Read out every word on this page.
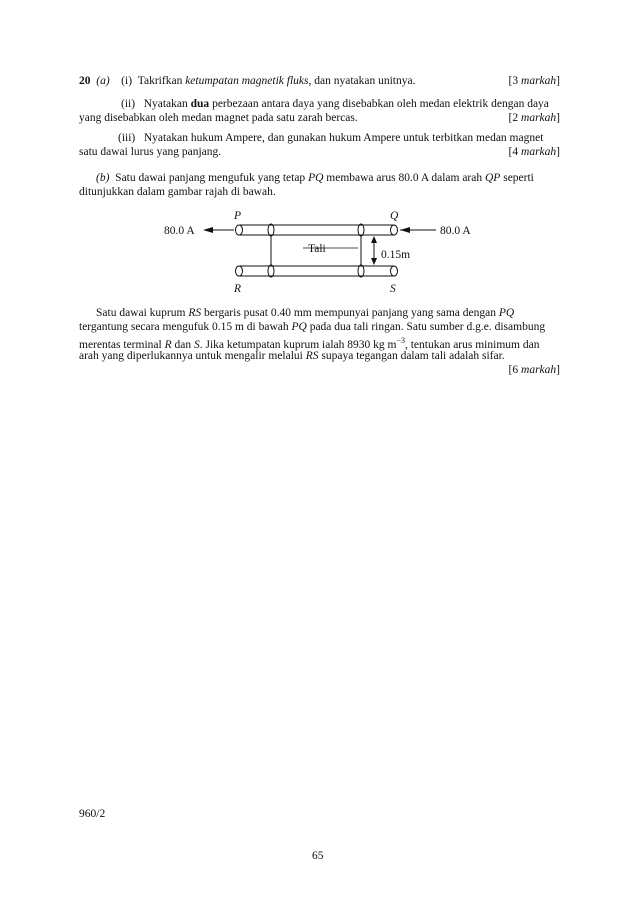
20 (a) (i) Takrifkan ketumpatan magnetik fluks, dan nyatakan unitnya.	[3 markah]
(ii) Nyatakan dua perbezaan antara daya yang disebabkan oleh medan elektrik dengan daya
yang disebabkan oleh medan magnet pada satu zarah bercas.	[2 markah]
(iii) Nyatakan hukum Ampere, dan gunakan hukum Ampere untuk terbitkan medan magnet
satu dawai lurus yang panjang.	[4 markah]
(b) Satu dawai panjang mengufuk yang tetap PQ membawa arus 80.0 A dalam arah QP seperti
ditunjukkan dalam gambar rajah di bawah.
P	Q
R	S
80.0 A	80.0 A
Tali	0.15m
Satu dawai kuprum RS bergaris pusat 0.40 mm mempunyai panjang yang sama dengan PQ
tergantung secara mengufuk 0.15 m di bawah PQ pada dua tali ringan. Satu sumber d.g.e. disambung
merentas terminal R dan S. Jika ketumpatan kuprum ialah 8930 kg $m^{-3}$, tentukan arus minimum dan
arah yang diperlukannya untuk mengalir melalui RS supaya tegangan dalam tali adalah sifar.
[6 markah]
960/2
65
